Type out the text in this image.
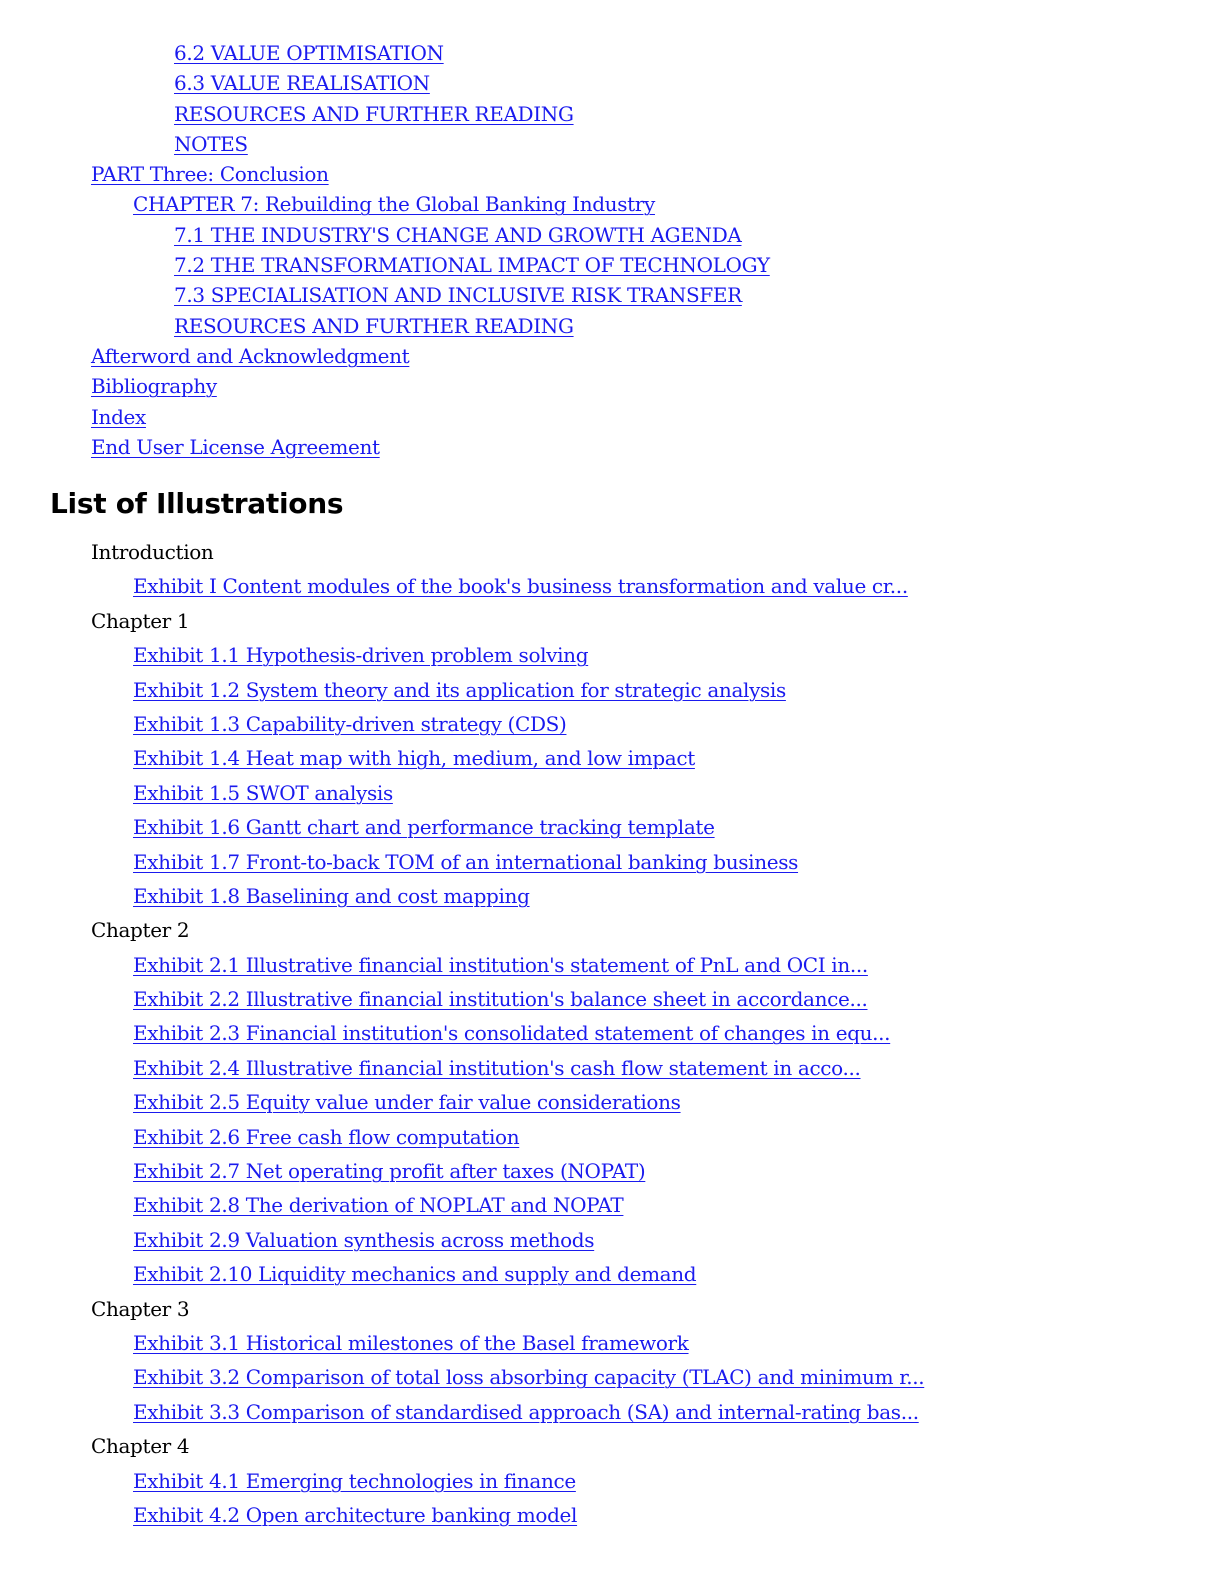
6.2 VALUE OPTIMISATION
6.3 VALUE REALISATION
RESOURCES AND FURTHER READING
NOTES
PART Three: Conclusion
CHAPTER 7: Rebuilding the Global Banking Industry
7.1 THE INDUSTRY'S CHANGE AND GROWTH AGENDA
7.2 THE TRANSFORMATIONAL IMPACT OF TECHNOLOGY
7.3 SPECIALISATION AND INCLUSIVE RISK TRANSFER
RESOURCES AND FURTHER READING
Afterword and Acknowledgment
Bibliography
Index
End User License Agreement
List of Illustrations
Introduction
Exhibit I Content modules of the book's business transformation and value cr...
Chapter 1
Exhibit 1.1 Hypothesis-driven problem solving
Exhibit 1.2 System theory and its application for strategic analysis
Exhibit 1.3 Capability-driven strategy (CDS)
Exhibit 1.4 Heat map with high, medium, and low impact
Exhibit 1.5 SWOT analysis
Exhibit 1.6 Gantt chart and performance tracking template
Exhibit 1.7 Front-to-back TOM of an international banking business
Exhibit 1.8 Baselining and cost mapping
Chapter 2
Exhibit 2.1 Illustrative financial institution's statement of PnL and OCI in...
Exhibit 2.2 Illustrative financial institution's balance sheet in accordance...
Exhibit 2.3 Financial institution's consolidated statement of changes in equ...
Exhibit 2.4 Illustrative financial institution's cash flow statement in acco...
Exhibit 2.5 Equity value under fair value considerations
Exhibit 2.6 Free cash flow computation
Exhibit 2.7 Net operating profit after taxes (NOPAT)
Exhibit 2.8 The derivation of NOPLAT and NOPAT
Exhibit 2.9 Valuation synthesis across methods
Exhibit 2.10 Liquidity mechanics and supply and demand
Chapter 3
Exhibit 3.1 Historical milestones of the Basel framework
Exhibit 3.2 Comparison of total loss absorbing capacity (TLAC) and minimum r...
Exhibit 3.3 Comparison of standardised approach (SA) and internal-rating bas...
Chapter 4
Exhibit 4.1 Emerging technologies in finance
Exhibit 4.2 Open architecture banking model
